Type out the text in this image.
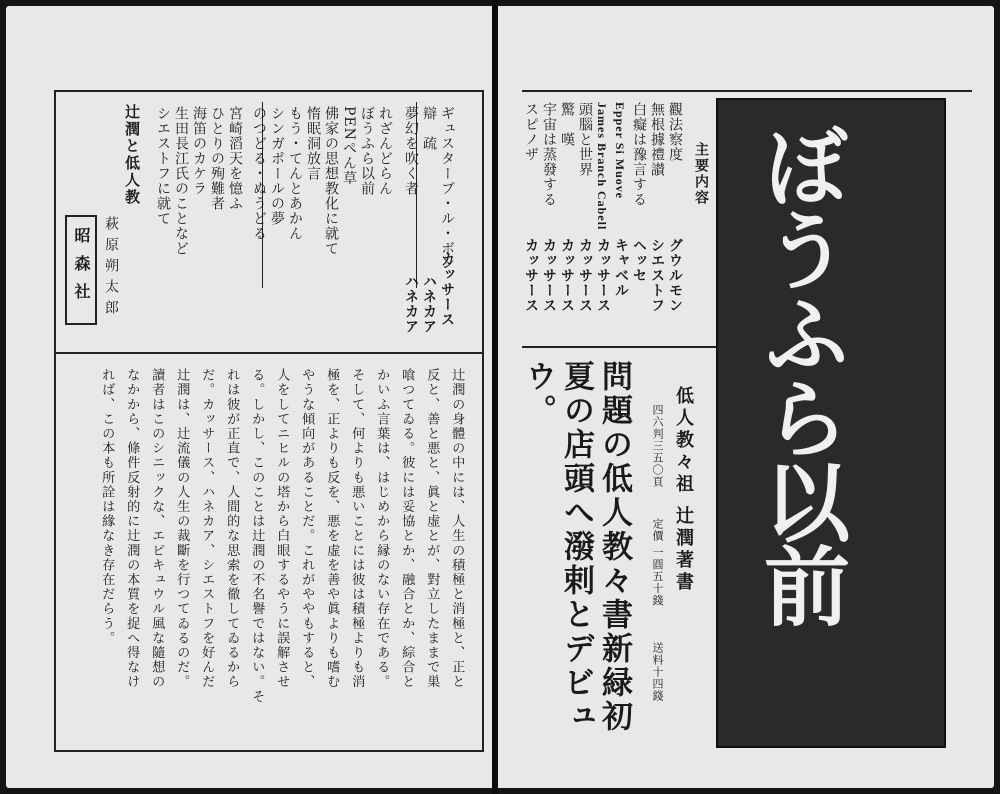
ギュスターブ・ル・ボン
辯　疏
夢幻を吹く者
カッサース
ハネカア
ハネカア
れざんどらん
ぼうふら以前
PENぺん草
佛家の思想教化に就て
惰眠洞放言
もう・てんとあかん
シンガポールの夢
のつどる・ぬうどる
宮崎滔天を憶ふ
ひとりの殉難者
海笛のカケラ
生田長江氏のことなど
シエストフに就て
辻潤と低人教
萩原朔太郎
昭森社
辻潤の身體の中には、人生の積極と消極と、正と
反と、善と悪と、眞と虚とが、對立したままで巣
喰つてゐる。彼には妥協とか、融合とか、綜合と
かいふ言葉は、はじめから縁のない存在である。
そして、何よりも悪いことには彼は積極よりも消
極を、正よりも反を、悪を虚を善や眞よりも嗜む
やうな傾向があることだ。これがややもすると、
人をしてニヒルの塔から白眼するやうに誤解させ
る。しかし、このことは辻潤の不名譽ではない。そ
れは彼が正直で、人間的な思索を徹してゐるから
だ。カッサース、ハネカア、シエストフを好んだ
辻潤は、辻流儀の人生の裁斷を行つてゐるのだ。
讀者はこのシニックな、エピキュウル風な隨想の
なかから、條件反射的に辻潤の本質を捉へ得なけ
れば、この本も所詮は緣なき存在だらう。	ぼうふら以前
主要内容
觀法察度
無根據禮讃
白癡は豫言する
Epper Si Muove
James Branch Cabell
頭腦と世界
驚　嘆
宇宙は蒸發する
スピノザ
グウルモン
シエストフ
ヘッセ
キャベル
カッサース
カッサース
カッサース
カッサース
カッサース
低人教々祖 辻潤著書
四六判三五〇頁
定價 一圓五十錢
送料十四錢
問題の低人教々書新緑初
夏の店頭へ潑剌とデビュ
ウ。
